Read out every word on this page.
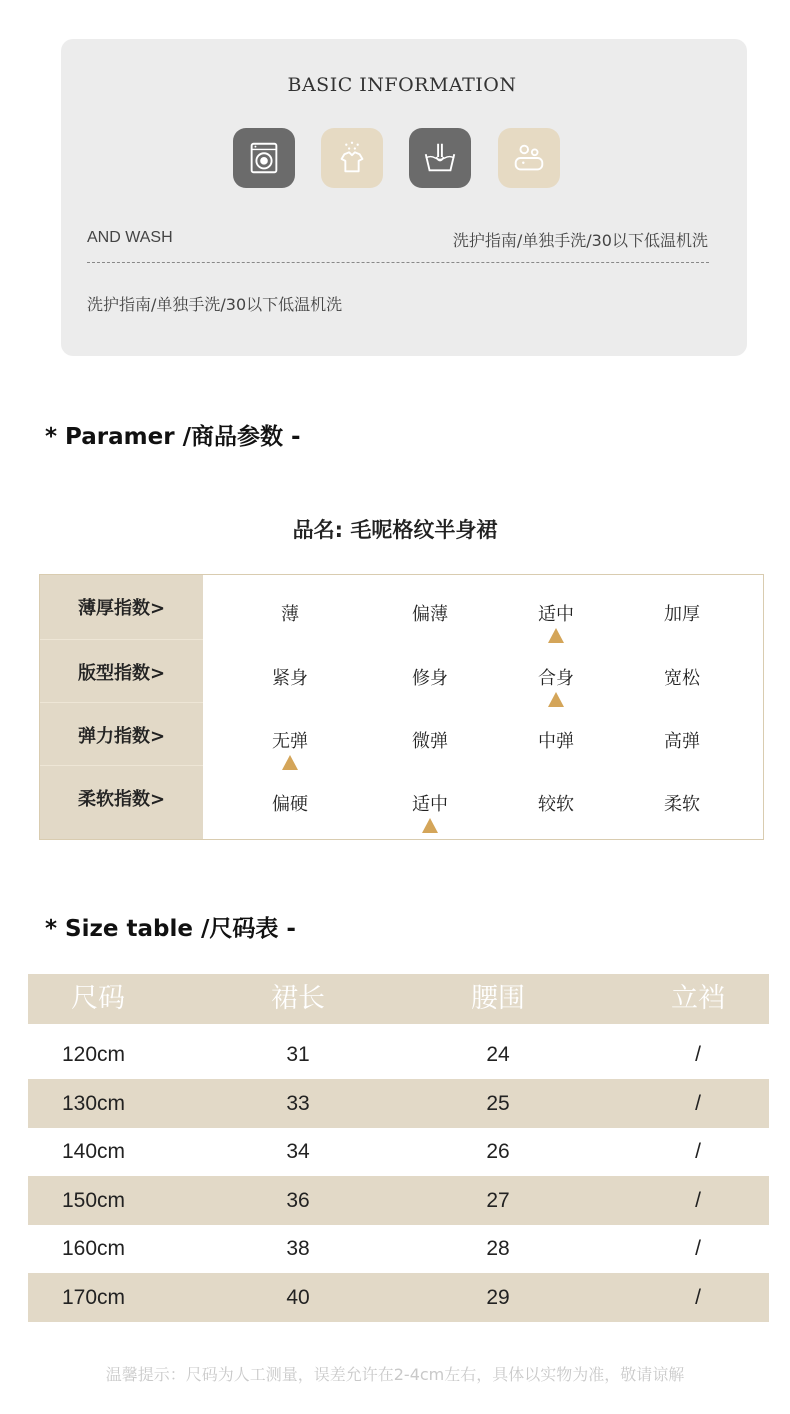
BASIC INFORMATION
AND WASH	洗护指南/单独手洗/30以下低温机洗
洗护指南/单独手洗/30以下低温机洗
* Paramer /商品参数 -
品名: 毛呢格纹半身裙
薄厚指数>	薄	偏薄	适中	加厚
版型指数>	紧身	修身	合身	宽松
弹力指数>	无弹	微弹	中弹	高弹
柔软指数>	偏硬	适中	较软	柔软
* Size table /尺码表 -
尺码	裙长	腰围	立裆
120cm	31	24	/
130cm	33	25	/
140cm	34	26	/
150cm	36	27	/
160cm	38	28	/
170cm	40	29	/
温馨提示：尺码为人工测量，误差允许在2-4cm左右，具体以实物为准，敬请谅解
